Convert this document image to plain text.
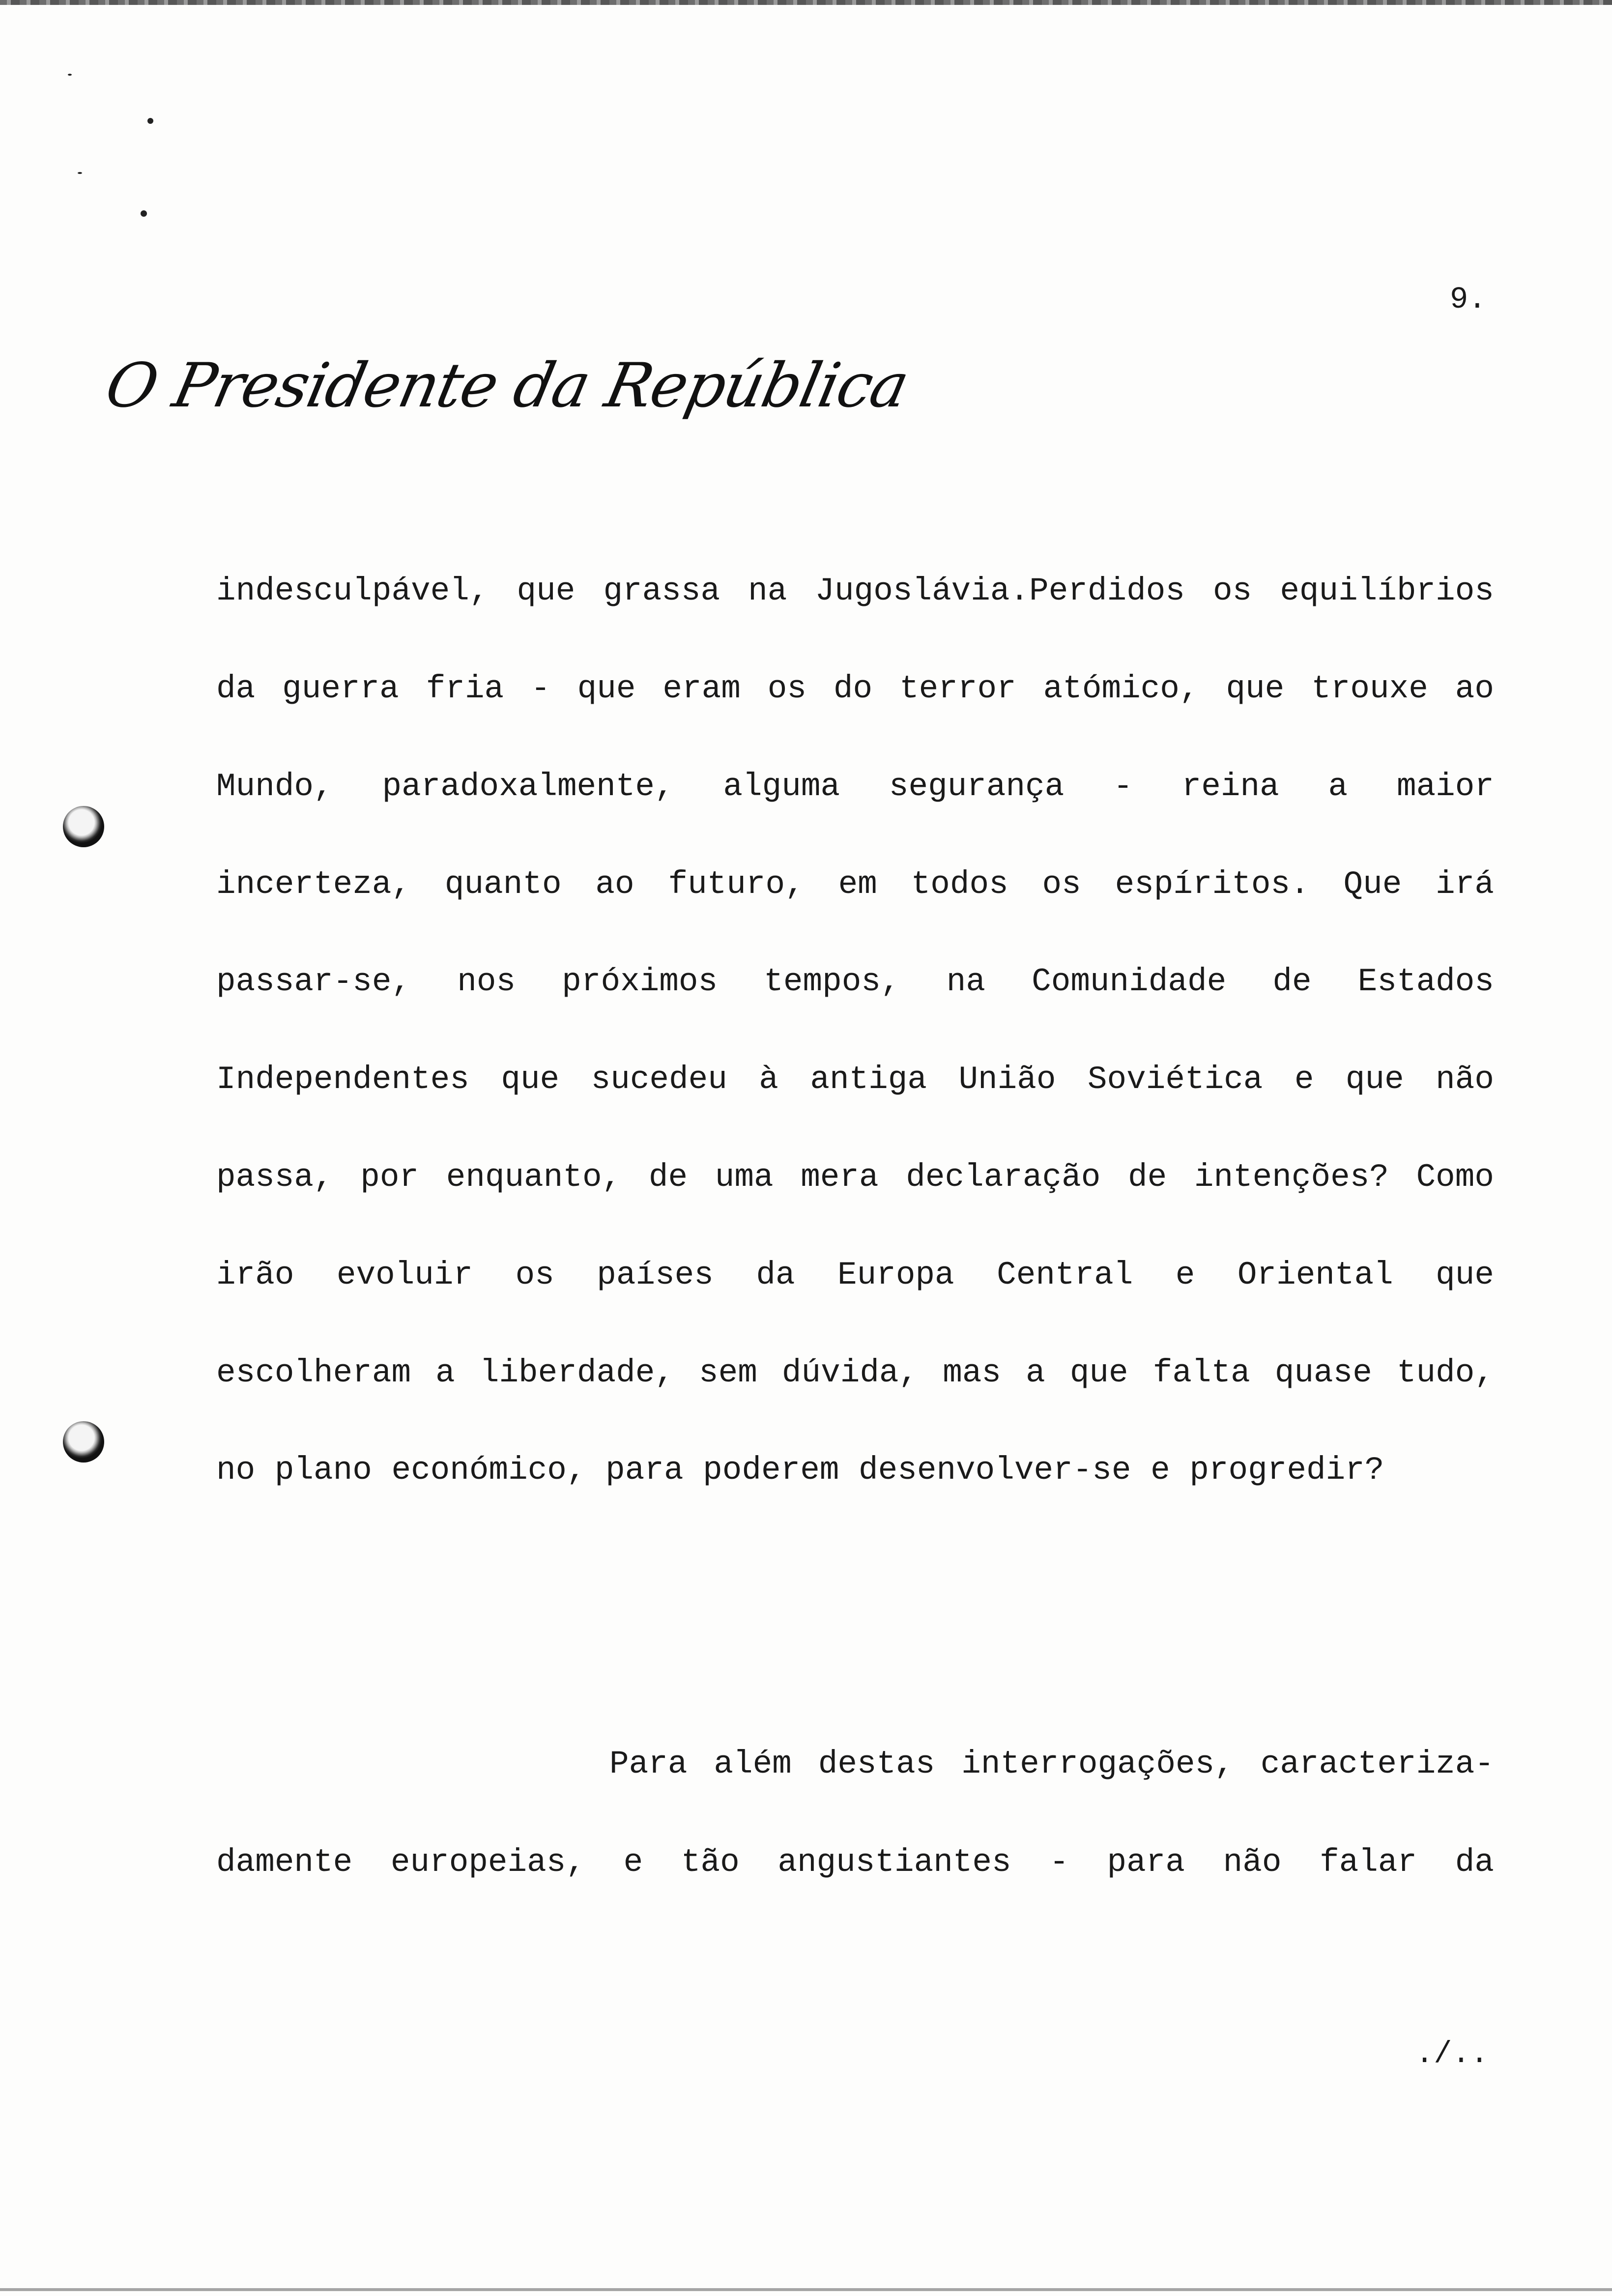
9.
O Presidente da República
indesculpável, que grassa na Jugoslávia.Perdidos os equilíbrios
da guerra fria - que eram os do terror atómico, que trouxe ao
Mundo, paradoxalmente, alguma segurança - reina a maior
incerteza, quanto ao futuro, em todos os espíritos. Que irá
passar-se, nos próximos tempos, na Comunidade de Estados
Independentes que sucedeu à antiga União Soviética e que não
passa, por enquanto, de uma mera declaração de intenções? Como
irão evoluir os países da Europa Central e Oriental que
escolheram a liberdade, sem dúvida, mas a que falta quase tudo,
no plano económico, para poderem desenvolver-se e progredir?
Para além destas interrogações, caracteriza-
damente europeias, e tão angustiantes - para não falar da
./..
